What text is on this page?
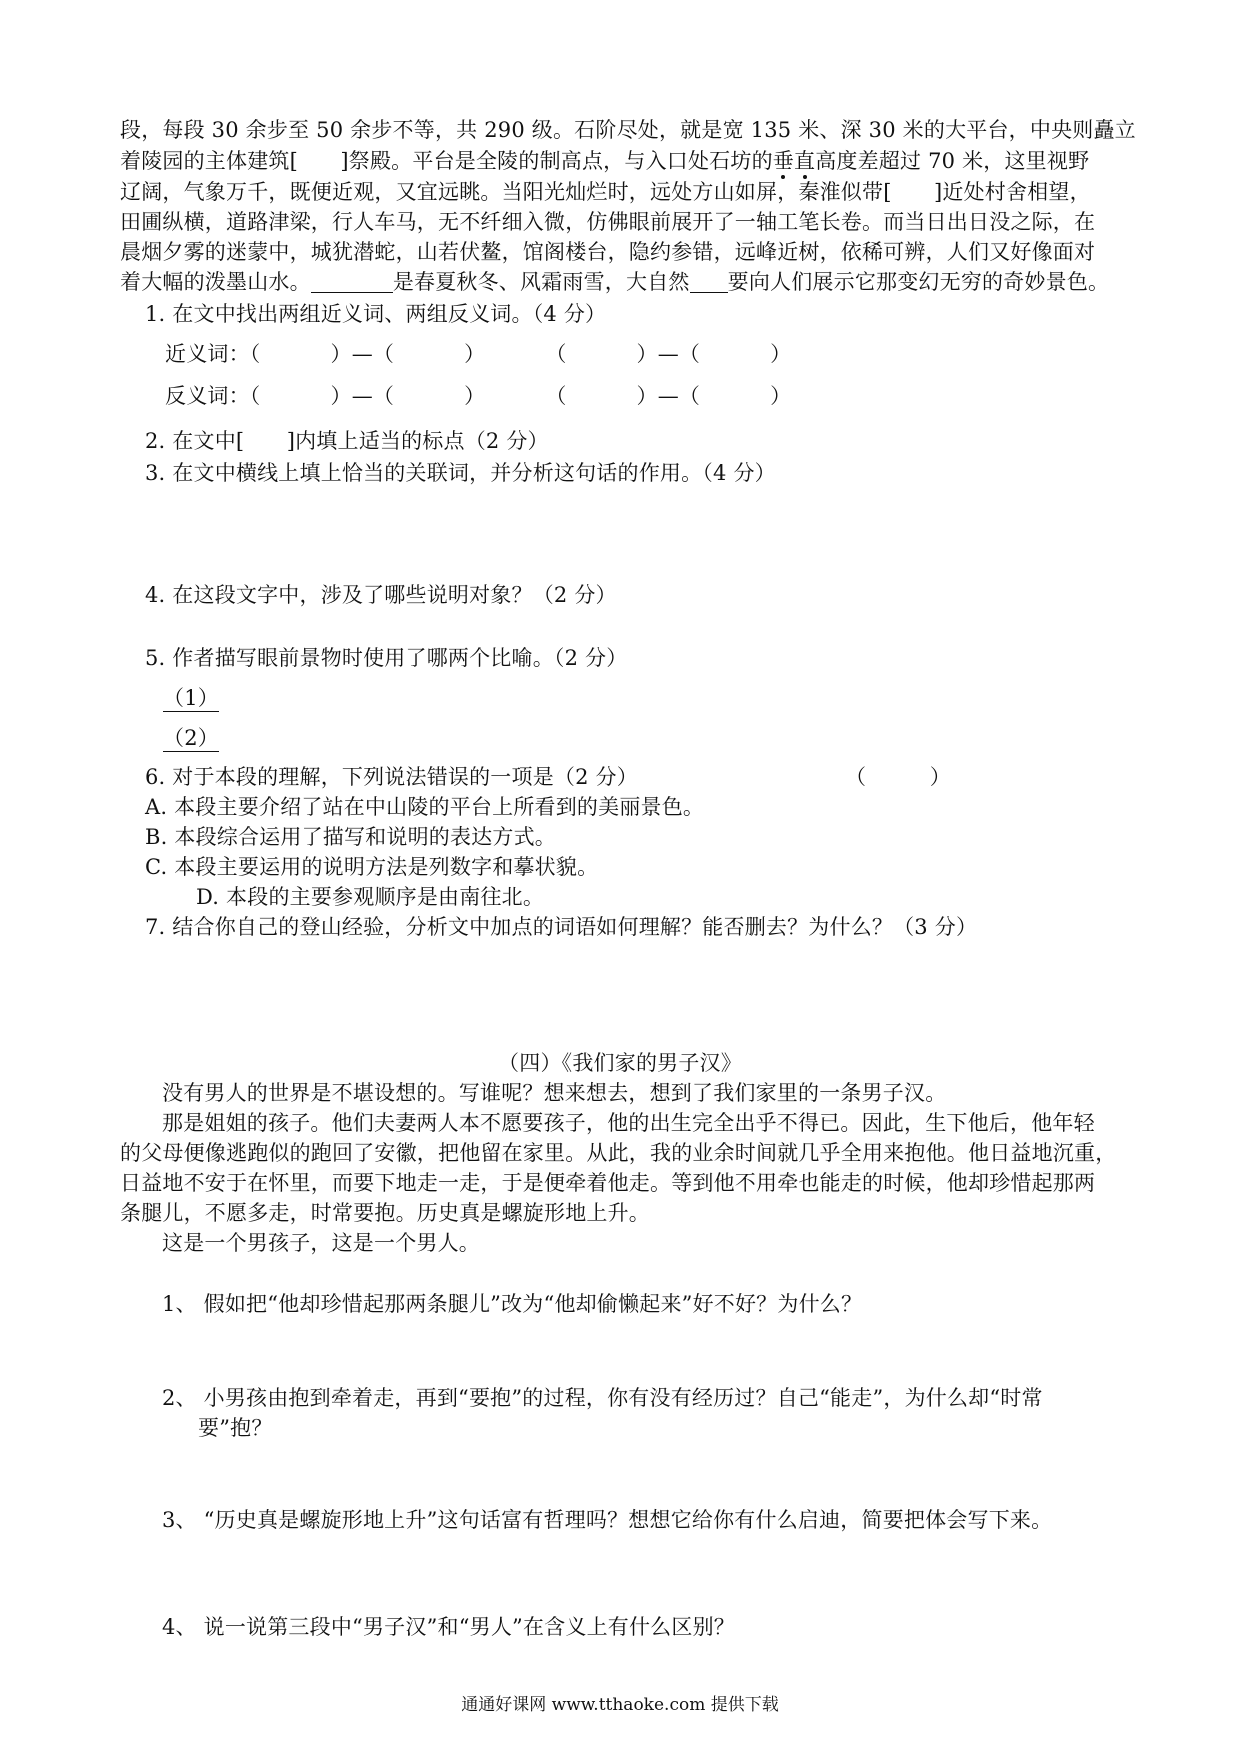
段，每段 30 余步至 50 余步不等，共 290 级。石阶尽处，就是宽 135 米、深 30 米的大平台，中央则矗立
着陵园的主体建筑[　　]祭殿。平台是全陵的制高点，与入口处石坊的垂直高度差超过 70 米，这里视野
辽阔，气象万千，既便近观，又宜远眺。当阳光灿烂时，远处方山如屏，秦淮似带[　　]近处村舍相望，
田圃纵横，道路津梁，行人车马，无不纤细入微，仿佛眼前展开了一轴工笔长卷。而当日出日没之际，在
晨烟夕雾的迷蒙中，城犹潜蛇，山若伏鳌，馆阁楼台，隐约参错，远峰近树，依稀可辨，人们又好像面对
着大幅的泼墨山水。	是春夏秋冬、风霜雨雪，大自然 要向人们展示它那变幻无穷的奇妙景色。
1. 在文中找出两组近义词、两组反义词。（4 分）
近义词：（	）—（	）	（	）—（	）
反义词：（	）—（	）	（	）—（	）
2. 在文中[　　]内填上适当的标点（2 分）
3. 在文中横线上填上恰当的关联词，并分析这句话的作用。（4 分）
4. 在这段文字中，涉及了哪些说明对象？（2 分）
5. 作者描写眼前景物时使用了哪两个比喻。（2 分）
（1）
（2）
6. 对于本段的理解，下列说法错误的一项是（2 分）	（　　　）
A. 本段主要介绍了站在中山陵的平台上所看到的美丽景色。
B. 本段综合运用了描写和说明的表达方式。
C. 本段主要运用的说明方法是列数字和摹状貌。
D. 本段的主要参观顺序是由南往北。
7. 结合你自己的登山经验，分析文中加点的词语如何理解？能否删去？为什么？（3 分）
（四）《我们家的男子汉》
没有男人的世界是不堪设想的。写谁呢？想来想去，想到了我们家里的一条男子汉。
那是姐姐的孩子。他们夫妻两人本不愿要孩子，他的出生完全出乎不得已。因此，生下他后，他年轻
的父母便像逃跑似的跑回了安徽，把他留在家里。从此，我的业余时间就几乎全用来抱他。他日益地沉重，
日益地不安于在怀里，而要下地走一走，于是便牵着他走。等到他不用牵也能走的时候，他却珍惜起那两
条腿儿，不愿多走，时常要抱。历史真是螺旋形地上升。
这是一个男孩子，这是一个男人。
1、 假如把“他却珍惜起那两条腿儿”改为“他却偷懒起来”好不好？为什么？
2、 小男孩由抱到牵着走，再到“要抱”的过程，你有没有经历过？自己“能走”，为什么却“时常
要”抱？
3、 “历史真是螺旋形地上升”这句话富有哲理吗？想想它给你有什么启迪，简要把体会写下来。
4、 说一说第三段中“男子汉”和“男人”在含义上有什么区别？
通通好课网 www.tthaoke.com 提供下载
